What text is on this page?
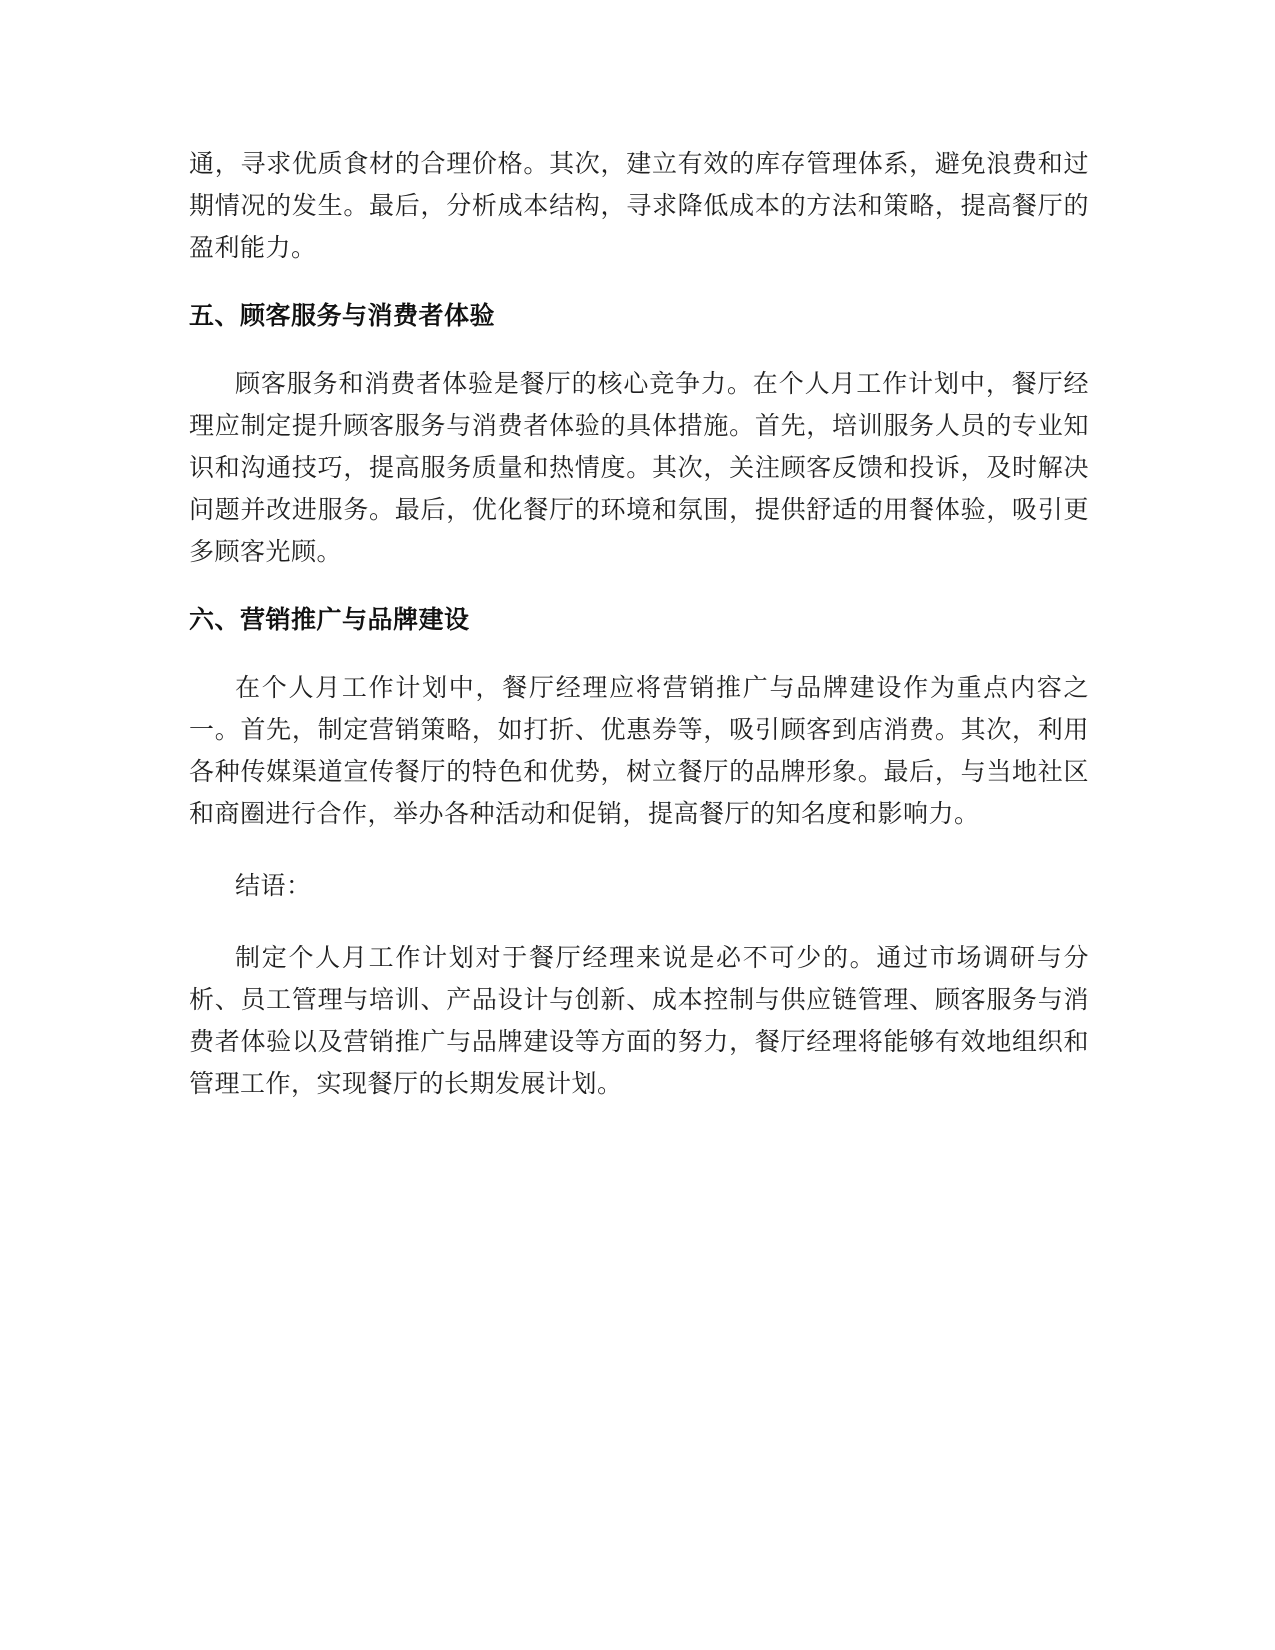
通，寻求优质食材的合理价格。其次，建立有效的库存管理体系，避免浪费和过期情况的发生。最后，分析成本结构，寻求降低成本的方法和策略，提高餐厅的盈利能力。

五、顾客服务与消费者体验

顾客服务和消费者体验是餐厅的核心竞争力。在个人月工作计划中，餐厅经理应制定提升顾客服务与消费者体验的具体措施。首先，培训服务人员的专业知识和沟通技巧，提高服务质量和热情度。其次，关注顾客反馈和投诉，及时解决问题并改进服务。最后，优化餐厅的环境和氛围，提供舒适的用餐体验，吸引更多顾客光顾。

六、营销推广与品牌建设

在个人月工作计划中，餐厅经理应将营销推广与品牌建设作为重点内容之一。首先，制定营销策略，如打折、优惠券等，吸引顾客到店消费。其次，利用各种传媒渠道宣传餐厅的特色和优势，树立餐厅的品牌形象。最后，与当地社区和商圈进行合作，举办各种活动和促销，提高餐厅的知名度和影响力。

结语：

制定个人月工作计划对于餐厅经理来说是必不可少的。通过市场调研与分析、员工管理与培训、产品设计与创新、成本控制与供应链管理、顾客服务与消费者体验以及营销推广与品牌建设等方面的努力，餐厅经理将能够有效地组织和管理工作，实现餐厅的长期发展计划。
